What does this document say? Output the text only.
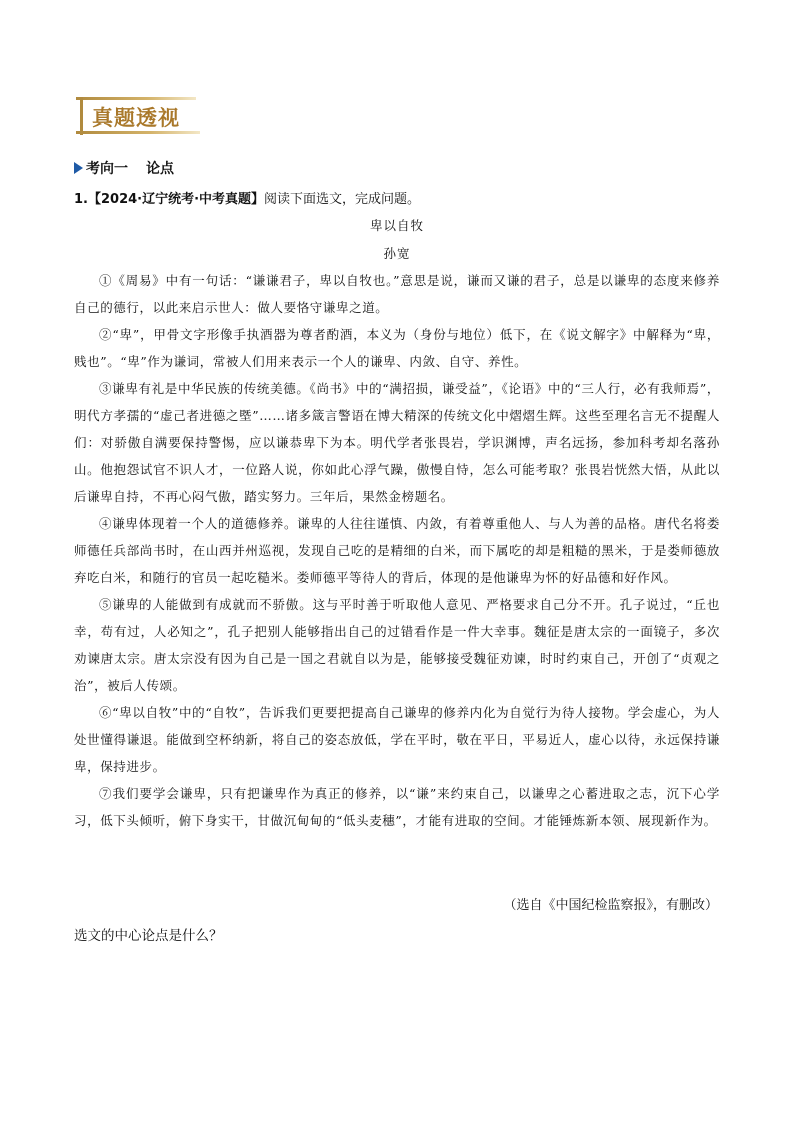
真题透视
考向一 论点
1.【2024·辽宁统考·中考真题】阅读下面选文，完成问题。
卑以自牧
孙宽

①《周易》中有一句话：“谦谦君子，卑以自牧也。”意思是说，谦而又谦的君子，总是以谦卑的态度来修养自己的德行，以此来启示世人：做人要恪守谦卑之道。

②“卑”，甲骨文字形像手执酒器为尊者酌酒，本义为（身份与地位）低下，在《说文解字》中解释为“卑，贱也”。“卑”作为谦词，常被人们用来表示一个人的谦卑、内敛、自守、养性。

③谦卑有礼是中华民族的传统美德。《尚书》中的“满招损，谦受益”，《论语》中的“三人行，必有我师焉”，明代方孝孺的“虚己者进德之塈”……诸多箴言警语在博大精深的传统文化中熠熠生辉。这些至理名言无不提醒人们：对骄傲自满要保持警惕，应以谦恭卑下为本。明代学者张畏岩，学识渊博，声名远扬，参加科考却名落孙山。他抱怨试官不识人才，一位路人说，你如此心浮气躁，傲慢自恃，怎么可能考取？张畏岩恍然大悟，从此以后谦卑自持，不再心闷气傲，踏实努力。三年后，果然金榜题名。

④谦卑体现着一个人的道德修养。谦卑的人往往谨慎、内敛，有着尊重他人、与人为善的品格。唐代名将娄师德任兵部尚书时，在山西并州巡视，发现自己吃的是精细的白米，而下属吃的却是粗糙的黑米，于是娄师德放弃吃白米，和随行的官员一起吃糙米。娄师德平等待人的背后，体现的是他谦卑为怀的好品德和好作风。

⑤谦卑的人能做到有成就而不骄傲。这与平时善于听取他人意见、严格要求自己分不开。孔子说过，“丘也幸，苟有过，人必知之”，孔子把别人能够指出自己的过错看作是一件大幸事。魏征是唐太宗的一面镜子，多次劝谏唐太宗。唐太宗没有因为自己是一国之君就自以为是，能够接受魏征劝谏，时时约束自己，开创了“贞观之治”，被后人传颂。

⑥“卑以自牧”中的“自牧”，告诉我们更要把提高自己谦卑的修养内化为自觉行为待人接物。学会虚心，为人处世懂得谦退。能做到空杯纳新，将自己的姿态放低，学在平时，敬在平日，平易近人，虚心以待，永远保持谦卑，保持进步。

⑦我们要学会谦卑，只有把谦卑作为真正的修养，以“谦”来约束自己，以谦卑之心蓄进取之志，沉下心学习，低下头倾听，俯下身实干，甘做沉甸甸的“低头麦穗”，才能有进取的空间。才能锤炼新本领、展现新作为。

（选自《中国纪检监察报》，有删改）
选文的中心论点是什么？
